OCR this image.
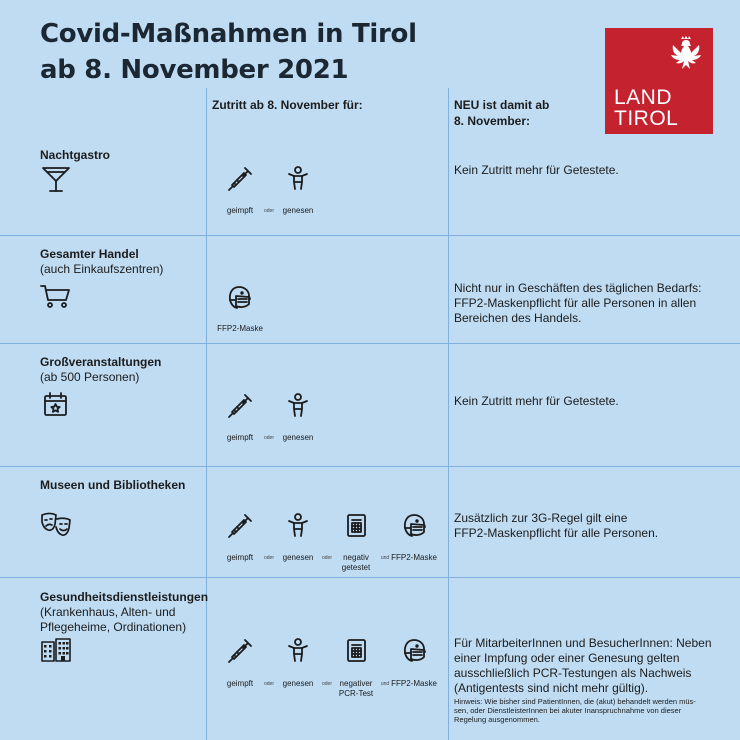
Covid-Maßnahmen in Tirol
ab 8. November 2021
LAND
TIROL
Zutritt ab 8. November für:	NEU ist damit ab
8. November:
Nachtgastro
geimpft oder genesen
Kein Zutritt mehr für Getestete.
Gesamter Handel
(auch Einkaufszentren)
FFP2-Maske
Nicht nur in Geschäften des täglichen Bedarfs:
FFP2-Maskenpflicht für alle Personen in allen
Bereichen des Handels.
Großveranstaltungen
(ab 500 Personen)
geimpft oder genesen
Kein Zutritt mehr für Getestete.
Museen und Bibliotheken
geimpft oder genesen oder negativ
getestet
und FFP2-Maske
Zusätzlich zur 3G-Regel gilt eine
FFP2-Maskenpflicht für alle Personen.
Gesundheitsdienstleistungen
(Krankenhaus, Alten- und
Pflegeheime, Ordinationen)
geimpft oder genesen oder negativer
PCR-Test
und FFP2-Maske
Für MitarbeiterInnen und BesucherInnen: Neben
einer Impfung oder einer Genesung gelten
ausschließlich PCR-Testungen als Nachweis
(Antigentests sind nicht mehr gültig).
Hinweis: Wie bisher sind PatientInnen, die (akut) behandelt werden müs-
sen, oder DienstleisterInnen bei akuter Inanspruchnahme von dieser
Regelung ausgenommen.
